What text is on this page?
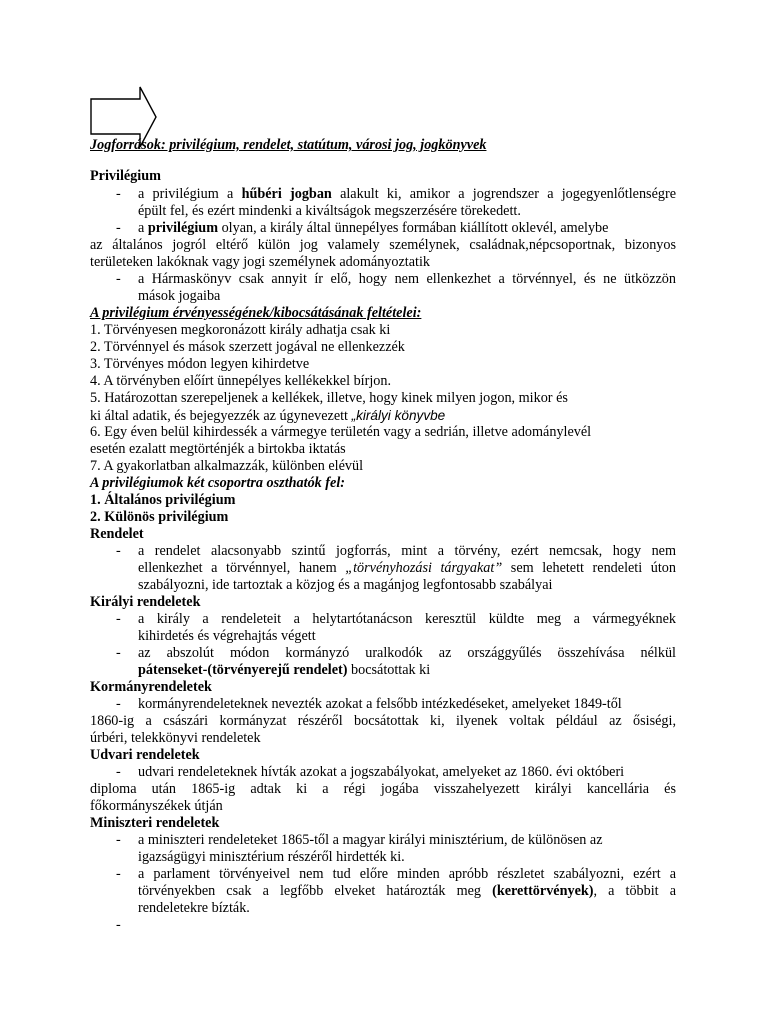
Jogforrások: privilégium, rendelet, statútum, városi jog, jogkönyvek
Privilégium
- a privilégium a hűbéri jogban alakult ki, amikor a jogrendszer a jogegyenlőtlenségre
épült fel, és ezért mindenki a kiváltságok megszerzésére törekedett.
- a privilégium olyan, a király által ünnepélyes formában kiállított oklevél, amelybe
az általános jogról eltérő külön jog valamely személynek, családnak,népcsoportnak, bizonyos
területeken lakóknak vagy jogi személynek adományoztatik
- a Hármaskönyv csak annyit ír elő, hogy nem ellenkezhet a törvénnyel, és ne ütközzön
mások jogaiba
A privilégium érvényességének/kibocsátásának feltételei:
1. Törvényesen megkoronázott király adhatja csak ki
2. Törvénnyel és mások szerzett jogával ne ellenkezzék
3. Törvényes módon legyen kihirdetve
4. A törvényben előírt ünnepélyes kellékekkel bírjon.
5. Határozottan szerepeljenek a kellékek, illetve, hogy kinek milyen jogon, mikor és
ki által adatik, és bejegyezzék az úgynevezett „királyi könyvbe
6. Egy éven belül kihirdessék a vármegye területén vagy a sedrián, illetve adománylevél
esetén ezalatt megtörténjék a birtokba iktatás
7. A gyakorlatban alkalmazzák, különben elévül
A privilégiumok két csoportra oszthatók fel:
1. Általános privilégium
2. Különös privilégium
Rendelet
- a rendelet alacsonyabb szintű jogforrás, mint a törvény, ezért nemcsak, hogy nem
ellenkezhet a törvénnyel, hanem „törvényhozási tárgyakat” sem lehetett rendeleti úton
szabályozni, ide tartoztak a közjog és a magánjog legfontosabb szabályai
Királyi rendeletek
- a király a rendeleteit a helytartótanácson keresztül küldte meg a vármegyéknek
kihirdetés és végrehajtás végett
- az abszolút módon kormányzó uralkodók az országgyűlés összehívása nélkül
pátenseket-(törvényerejű rendelet) bocsátottak ki
Kormányrendeletek
- kormányrendeleteknek nevezték azokat a felsőbb intézkedéseket, amelyeket 1849-től
1860-ig a császári kormányzat részéről bocsátottak ki, ilyenek voltak például az ősiségi,
úrbéri, telekkönyvi rendeletek
Udvari rendeletek
- udvari rendeleteknek hívták azokat a jogszabályokat, amelyeket az 1860. évi októberi
diploma után 1865-ig adtak ki a régi jogába visszahelyezett királyi kancellária és
főkormányszékek útján
Miniszteri rendeletek
- a miniszteri rendeleteket 1865-től a magyar királyi minisztérium, de különösen az
igazságügyi minisztérium részéről hirdették ki.
- a parlament törvényeivel nem tud előre minden apróbb részletet szabályozni, ezért a
törvényekben csak a legfőbb elveket határozták meg (kerettörvények), a többit a
rendeletekre bízták.
-
